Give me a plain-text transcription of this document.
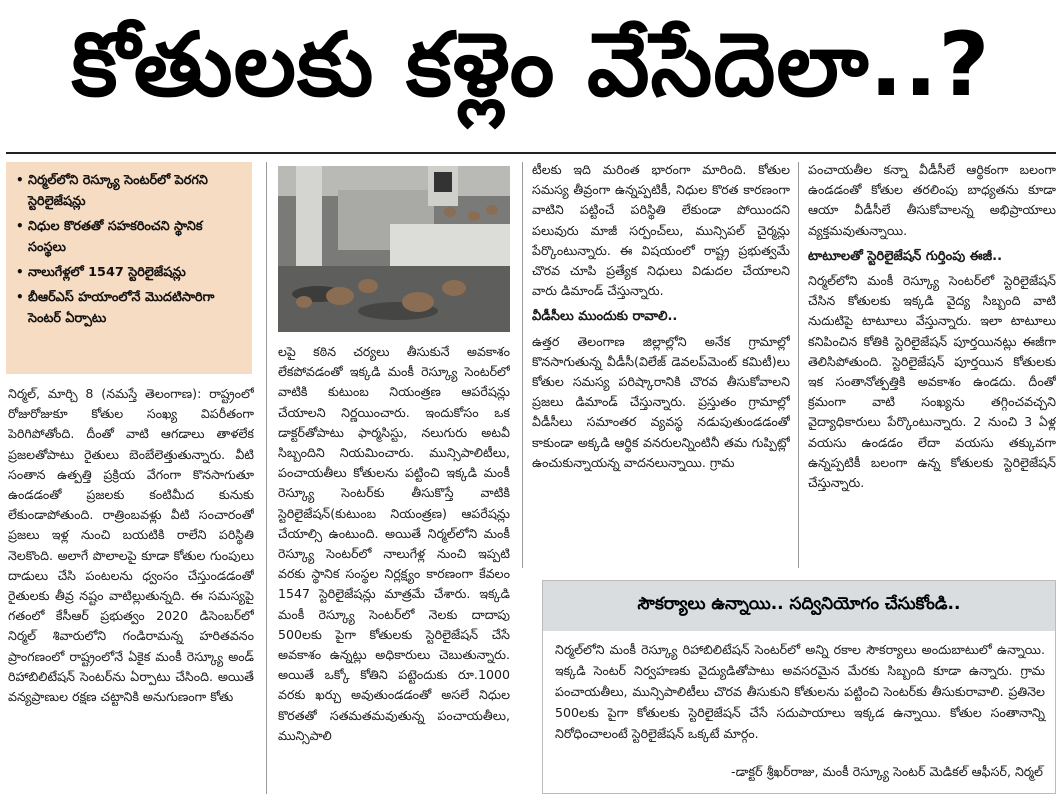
కోతులకు కళ్లెం వేసేదెలా..?
• నిర్మల్‌లోని రెస్క్యూ సెంటర్‌లో పెరగని స్టెరిలైజేషన్లు
• నిధుల కొరతతో సహకరించని స్థానిక సంస్థలు
• నాలుగేళ్లలో 1547 స్టెరిలైజేషన్లు
• బీఆర్‌ఎస్ హయాంలోనే మొదటిసారిగా సెంటర్ ఏర్పాటు

నిర్మల్, మార్చి 8 (నమస్తే తెలంగాణ): రాష్ట్రంలో రోజురోజుకూ కోతుల సంఖ్య విపరీతంగా పెరిగిపోతోంది. దీంతో వాటి ఆగడాలు తాళలేక ప్రజలతోపాటు రైతులు బెంబేలెత్తుతున్నారు. వీటి సంతాన ఉత్పత్తి ప్రక్రియ వేగంగా కొనసాగుతూ ఉండడంతో ప్రజలకు కంటిమీద కునుకు లేకుండాపోతుంది. రాత్రింబవళ్లు వీటి సంచారంతో ప్రజలు ఇళ్ల నుంచి బయటికి రాలేని పరిస్థితి నెలకొంది. అలాగే పొలాలపై కూడా కోతుల గుంపులు దాడులు చేసి పంటలను ధ్వంసం చేస్తుండడంతో రైతులకు తీవ్ర నష్టం వాటిల్లుతున్నది. ఈ సమస్యపై గతంలో కేసీఆర్ ప్రభుత్వం 2020 డిసెంబర్‌లో నిర్మల్ శివారులోని గండిరామన్న హరితవనం ప్రాంగణంలో రాష్ట్రంలోనే ఏకైక మంకీ రెస్క్యూ అండ్ రిహాబిలిటేషన్ సెంటర్‌ను ఏర్పాటు చేసింది. అయితే వన్యప్రాణుల రక్షణ చట్టానికి అనుగుణంగా కోతు

లపై కఠిన చర్యలు తీసుకునే అవకాశం లేకపోవడంతో ఇక్కడి మంకీ రెస్క్యూ సెంటర్‌లో వాటికి కుటుంబ నియంత్రణ ఆపరేషన్లు చేయాలని నిర్ణయించారు. ఇందుకోసం ఒక డాక్టర్‌తోపాటు ఫార్మసిస్టు, నలుగురు అటవీ సిబ్బందిని నియమించారు. మున్సిపాలిటీలు, పంచాయతీలు కోతులను పట్టించి ఇక్కడి మంకీ రెస్క్యూ సెంటర్‌కు తీసుకొస్తే వాటికి స్టెరిలైజేషన్(కుటుంబ నియంత్రణ) ఆపరేషన్లు చేయాల్సి ఉంటుంది. అయితే నిర్మల్‌లోని మంకీ రెస్క్యూ సెంటర్‌లో నాలుగేళ్ల నుంచి ఇప్పటి వరకు స్థానిక సంస్థల నిర్లక్ష్యం కారణంగా కేవలం 1547 స్టెరిలైజేషన్లు మాత్రమే చేశారు. ఇక్కడి మంకీ రెస్క్యూ సెంటర్‌లో నెలకు దాదాపు 500లకు పైగా కోతులకు స్టెరిలైజేషన్ చేసే అవకాశం ఉన్నట్లు అధికారులు చెబుతున్నారు. అయితే ఒక్కో కోతిని పట్టెందుకు రూ.1000 వరకు ఖర్చు అవుతుండడంతో అసలే నిధుల కొరతతో సతమతమవుతున్న పంచాయతీలు, మున్సిపాలి

టీలకు ఇది మరింత భారంగా మారింది. కోతుల సమస్య తీవ్రంగా ఉన్నప్పటికీ, నిధుల కొరత కారణంగా వాటిని పట్టించే పరిస్థితి లేకుండా పోయిందని పలువురు మాజీ సర్పంచ్‌లు, మున్సిపల్ చైర్మన్లు పేర్కొంటున్నారు. ఈ విషయంలో రాష్ట్ర ప్రభుత్వమే చొరవ చూపి ప్రత్యేక నిధులు విడుదల చేయాలని వారు డిమాండ్ చేస్తున్నారు.

వీడీసీలు ముందుకు రావాలి..

ఉత్తర తెలంగాణ జిల్లాల్లోని అనేక గ్రామాల్లో కొనసాగుతున్న వీడీసీ(విలేజ్ డెవలప్‌మెంట్ కమిటీ)లు కోతుల సమస్య పరిష్కారానికి చొరవ తీసుకోవాలని ప్రజలు డిమాండ్ చేస్తున్నారు. ప్రస్తుతం గ్రామాల్లో వీడీసీలు సమాంతర వ్యవస్థ నడుపుతుండడంతో కాకుండా అక్కడి ఆర్థిక వనరులన్నింటినీ తమ గుప్పిట్లో ఉంచుకున్నాయన్న వాదనలున్నాయి. గ్రామ

పంచాయతీల కన్నా వీడీసీలే ఆర్థికంగా బలంగా ఉండడంతో కోతుల తరలింపు బాధ్యతను కూడా ఆయా వీడీసీలే తీసుకోవాలన్న అభిప్రాయాలు వ్యక్తమవుతున్నాయి.

టాటూలతో స్టెరిలైజేషన్ గుర్తింపు ఈజీ..

నిర్మల్‌లోని మంకీ రెస్క్యూ సెంటర్‌లో స్టెరిలైజేషన్ చేసిన కోతులకు ఇక్కడి వైద్య సిబ్బంది వాటి నుదుటిపై టాటూలు వేస్తున్నారు. ఇలా టాటూలు కనిపించిన కోతికి స్టెరిలైజేషన్ పూర్తయినట్లు ఈజీగా తెలిసిపోతుంది. స్టెరిలైజేషన్ పూర్తయిన కోతులకు ఇక సంతానోత్పత్తికి అవకాశం ఉండదు. దీంతో క్రమంగా వాటి సంఖ్యను తగ్గించవచ్చని వైద్యాధికారులు పేర్కొంటున్నారు. 2 నుంచి 3 ఏళ్ల వయసు ఉండడం లేదా వయసు తక్కువగా ఉన్నప్పటికీ బలంగా ఉన్న కోతులకు స్టెరిలైజేషన్ చేస్తున్నారు.

సౌకర్యాలు ఉన్నాయి.. సద్వినియోగం చేసుకోండి..
నిర్మల్‌లోని మంకీ రెస్క్యూ రిహాబిలిటేషన్ సెంటర్‌లో అన్ని రకాల సౌకర్యాలు అందుబాటులో ఉన్నాయి. ఇక్కడి సెంటర్ నిర్వహణకు వైద్యుడితోపాటు అవసరమైన మేరకు సిబ్బంది కూడా ఉన్నారు. గ్రామ పంచాయతీలు, మున్సిపాలిటీలు చొరవ తీసుకుని కోతులను పట్టించి సెంటర్‌కు తీసుకురావాలి. ప్రతినెల 500లకు పైగా కోతులకు స్టెరిలైజేషన్ చేసే సదుపాయాలు ఇక్కడ ఉన్నాయి. కోతుల సంతానాన్ని నిరోధించాలంటే స్టెరిలైజేషన్ ఒక్కటే మార్గం.
-డాక్టర్ శ్రీఖర్‌రాజు, మంకీ రెస్క్యూ సెంటర్ మెడికల్ ఆఫీసర్, నిర్మల్
